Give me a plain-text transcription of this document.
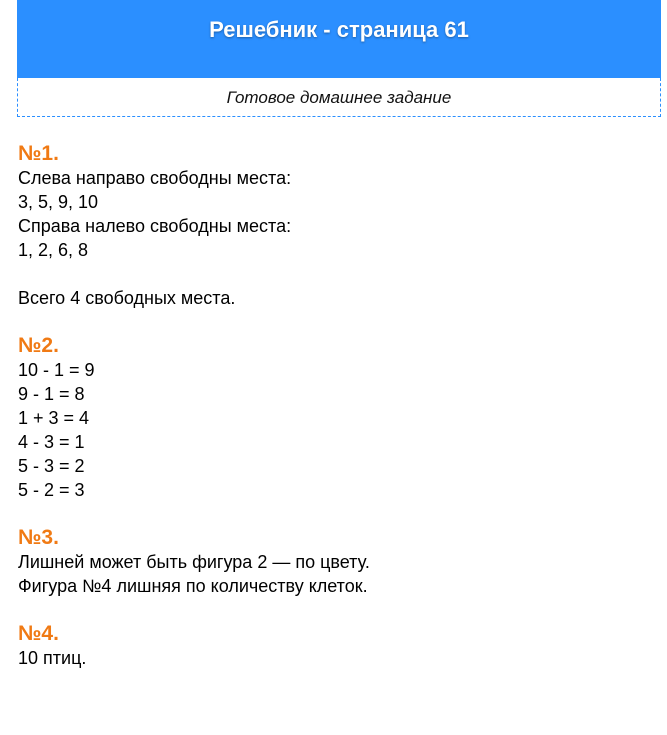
Решебник - страница 61
Готовое домашнее задание
№1.
Слева направо свободны места:
3, 5, 9, 10
Справа налево свободны места:
1, 2, 6, 8
Всего 4 свободных места.
№2.
10 - 1 = 9
9 - 1 = 8
1 + 3 = 4
4 - 3 = 1
5 - 3 = 2
5 - 2 = 3
№3.
Лишней может быть фигура 2 — по цвету.
Фигура №4 лишняя по количеству клеток.
№4.
10 птиц.
